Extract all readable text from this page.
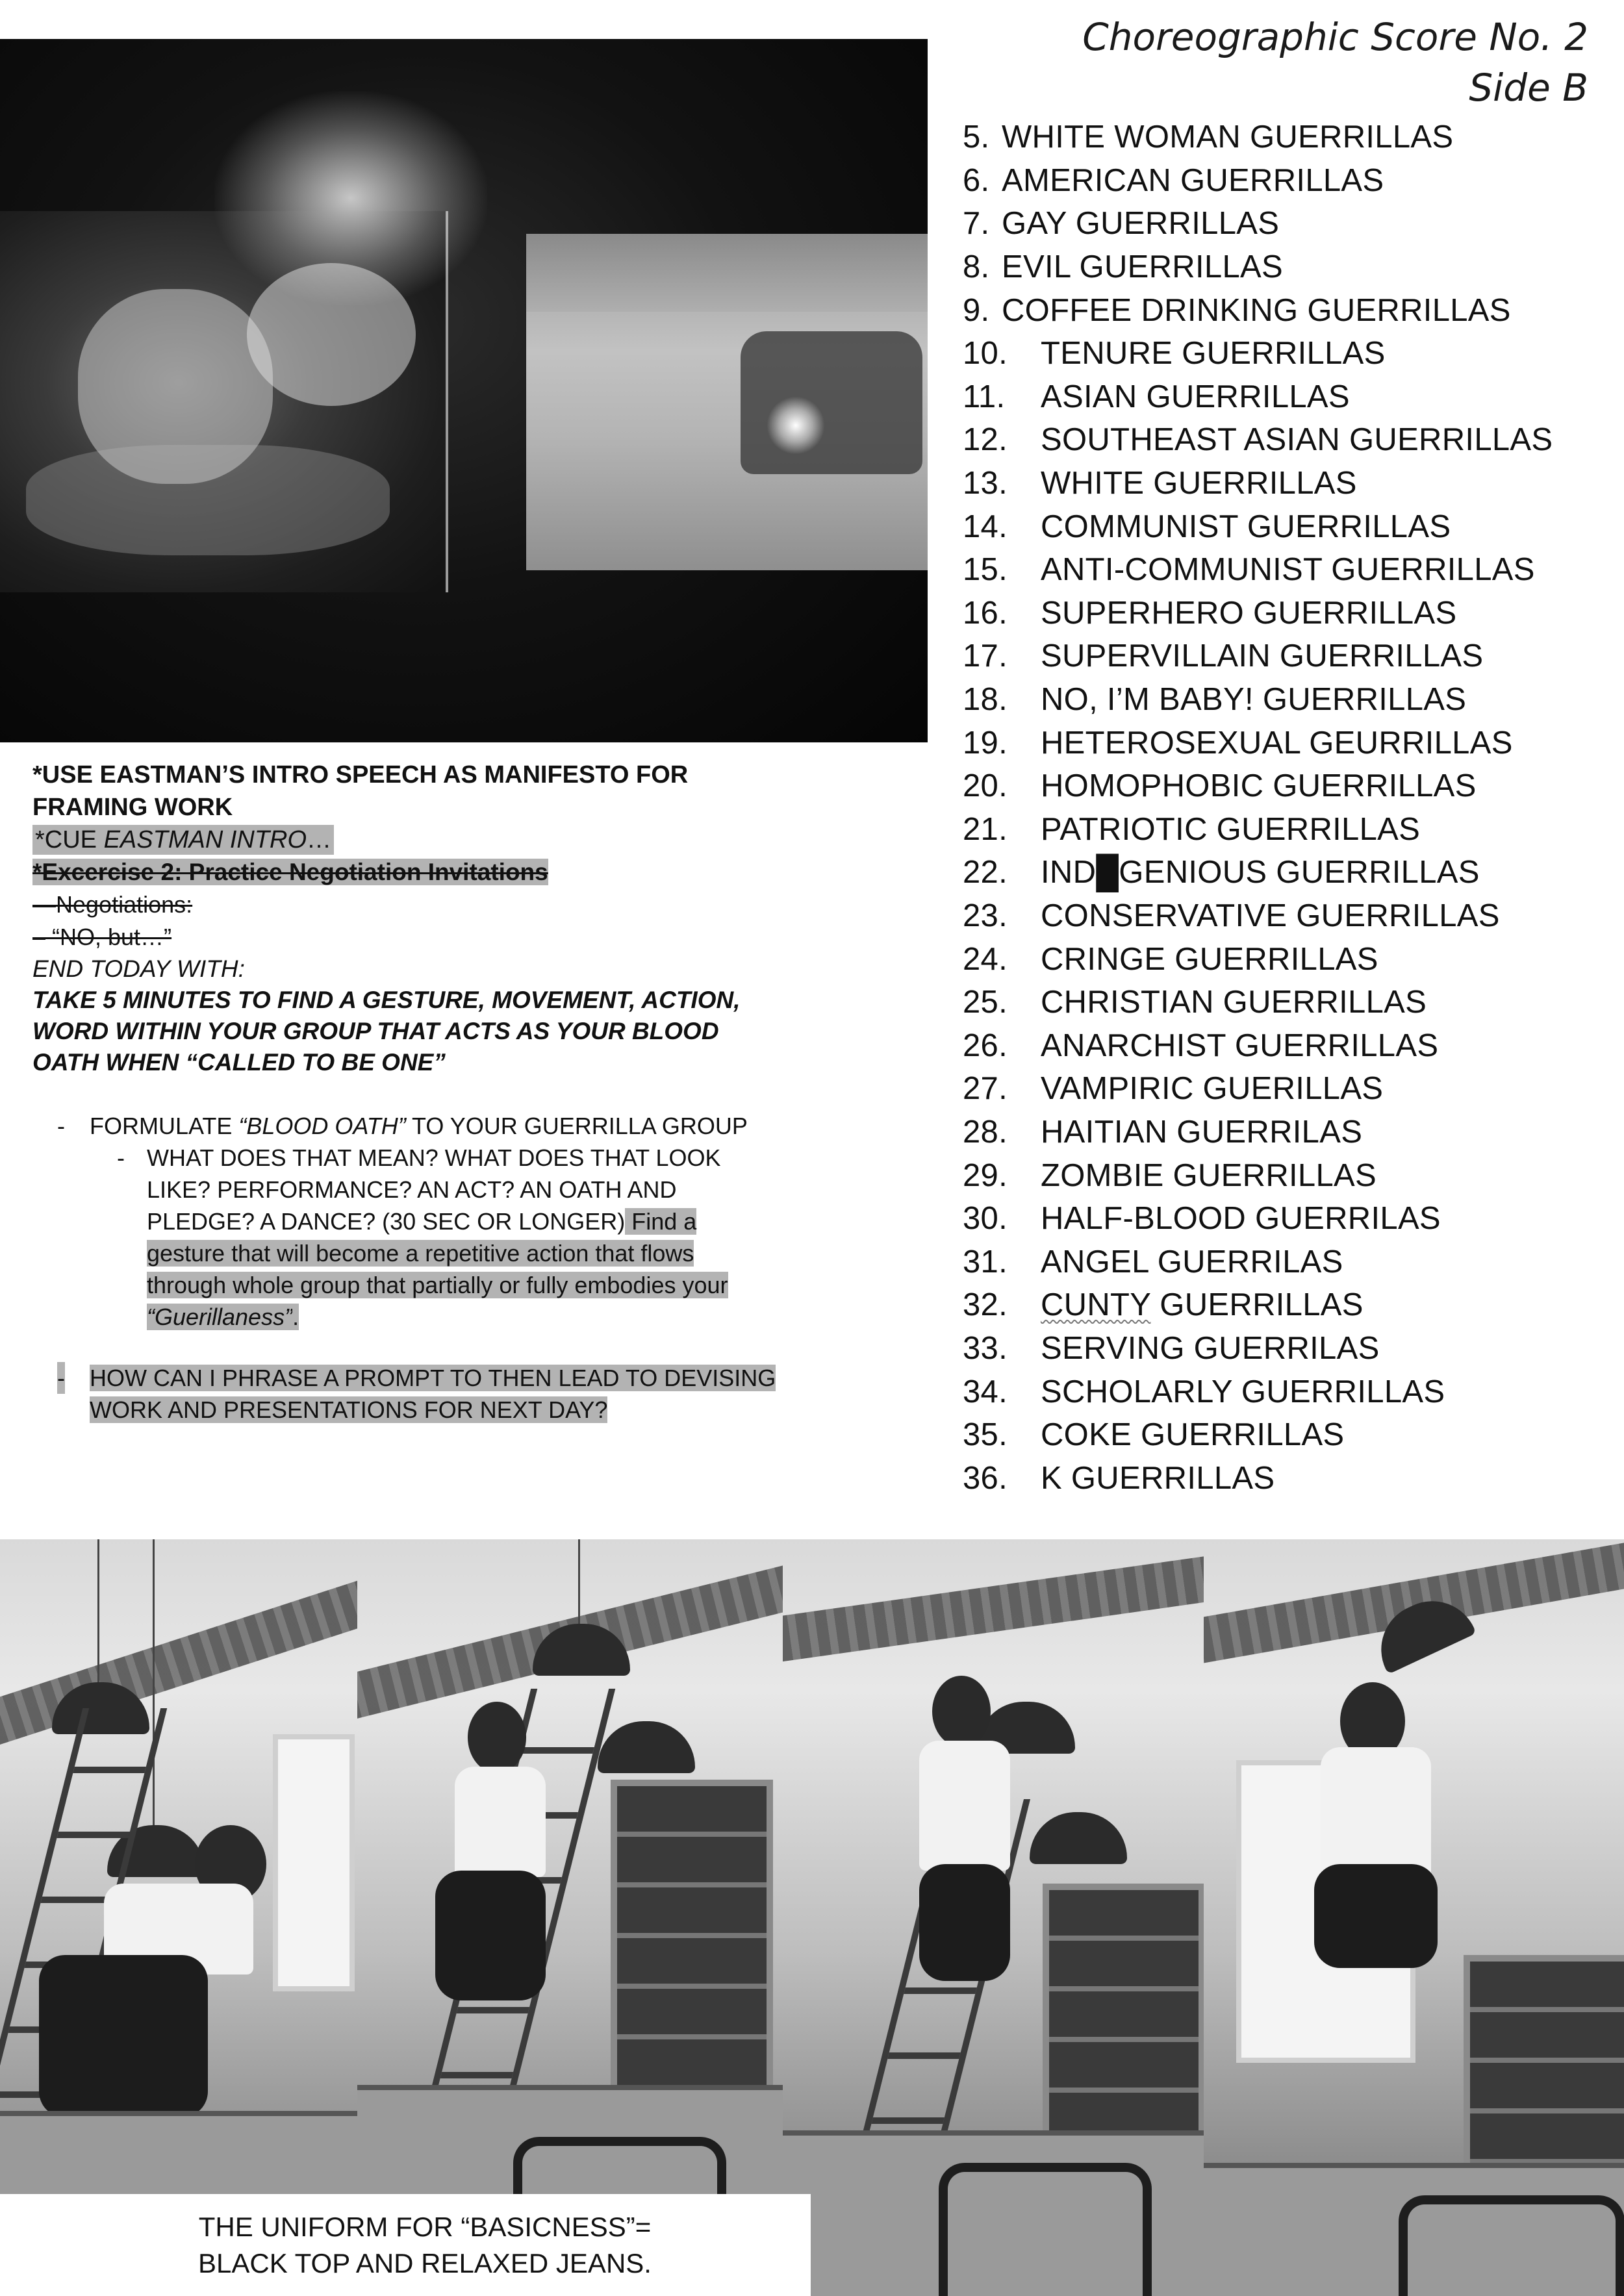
Choreographic Score No. 2
Side B

*USE EASTMAN’S INTRO SPEECH AS MANIFESTO FOR FRAMING WORK

*CUE EASTMAN INTRO…

*Excercise 2: Practice Negotiation Invitations

—Negotiations:

– “NO, but…”

END TODAY WITH:

TAKE 5 MINUTES TO FIND A GESTURE, MOVEMENT, ACTION, WORD WITHIN YOUR GROUP THAT ACTS AS YOUR BLOOD OATH WHEN “CALLED TO BE ONE”

- FORMULATE “BLOOD OATH” TO YOUR GUERRILLA GROUP
- WHAT DOES THAT MEAN? WHAT DOES THAT LOOK LIKE? PERFORMANCE? AN ACT? AN OATH AND PLEDGE? A DANCE? (30 SEC OR LONGER) Find a gesture that will become a repetitive action that flows through whole group that partially or fully embodies your “Guerillaness”.
- HOW CAN I PHRASE A PROMPT TO THEN LEAD TO DEVISING WORK AND PRESENTATIONS FOR NEXT DAY?
5. WHITE WOMAN GUERRILLAS
6. AMERICAN GUERRILLAS
7. GAY GUERRILLAS
8. EVIL GUERRILLAS
9. COFFEE DRINKING GUERRILLAS
10.	TENURE GUERRILLAS
11.	ASIAN GUERRILLAS
12.	SOUTHEAST ASIAN GUERRILLAS
13.	WHITE GUERRILLAS
14.	COMMUNIST GUERRILLAS
15.	ANTI-COMMUNIST GUERRILLAS
16.	SUPERHERO GUERRILLAS
17.	SUPERVILLAIN GUERRILLAS
18.	NO, I’M BABY! GUERRILLAS
19.	HETEROSEXUAL GEURRILLAS
20.	HOMOPHOBIC GUERRILLAS
21.	PATRIOTIC GUERRILLAS
22.	IND█GENIOUS GUERRILLAS
23.	CONSERVATIVE GUERRILLAS
24.	CRINGE GUERRILLAS
25.	CHRISTIAN GUERRILLAS
26.	ANARCHIST GUERRILLAS
27.	VAMPIRIC GUERILLAS
28.	HAITIAN GUERRILAS
29.	ZOMBIE GUERRILLAS
30.	HALF-BLOOD GUERRILAS
31.	ANGEL GUERRILAS
32.	CUNTY GUERRILLAS
33.	SERVING GUERRILAS
34.	SCHOLARLY GUERRILLAS
35.	COKE GUERRILLAS
36.	K GUERRILLAS
THE UNIFORM FOR “BASICNESS”=
BLACK TOP AND RELAXED JEANS.
